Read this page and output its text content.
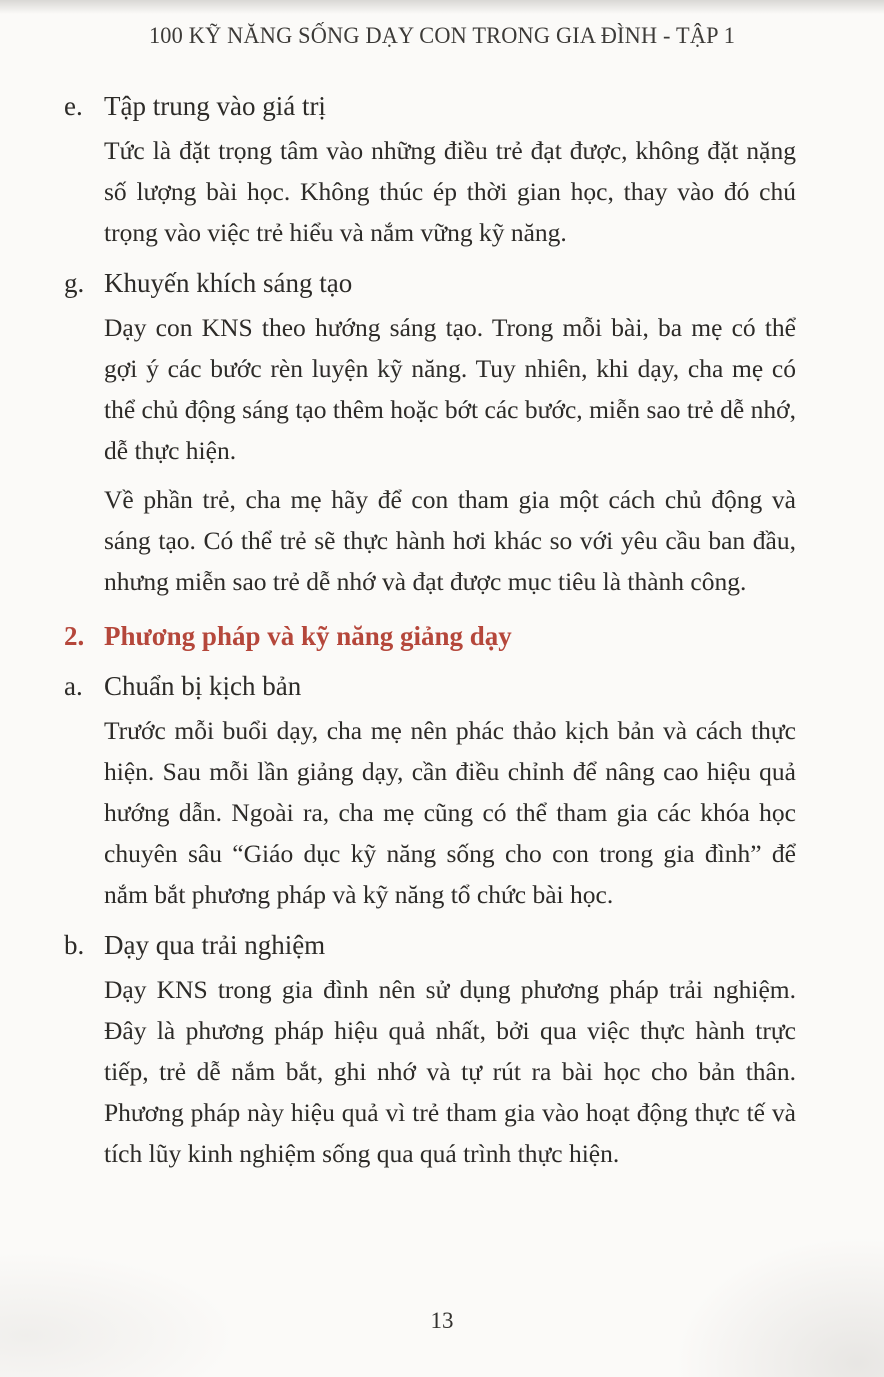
100 KỸ NĂNG SỐNG DẠY CON TRONG GIA ĐÌNH - TẬP 1
e. Tập trung vào giá trị

Tức là đặt trọng tâm vào những điều trẻ đạt được, không đặt nặng số lượng bài học. Không thúc ép thời gian học, thay vào đó chú trọng vào việc trẻ hiểu và nắm vững kỹ năng.

g. Khuyến khích sáng tạo

Dạy con KNS theo hướng sáng tạo. Trong mỗi bài, ba mẹ có thể gợi ý các bước rèn luyện kỹ năng. Tuy nhiên, khi dạy, cha mẹ có thể chủ động sáng tạo thêm hoặc bớt các bước, miễn sao trẻ dễ nhớ, dễ thực hiện.

Về phần trẻ, cha mẹ hãy để con tham gia một cách chủ động và sáng tạo. Có thể trẻ sẽ thực hành hơi khác so với yêu cầu ban đầu, nhưng miễn sao trẻ dễ nhớ và đạt được mục tiêu là thành công.

2. Phương pháp và kỹ năng giảng dạy
a. Chuẩn bị kịch bản

Trước mỗi buổi dạy, cha mẹ nên phác thảo kịch bản và cách thực hiện. Sau mỗi lần giảng dạy, cần điều chỉnh để nâng cao hiệu quả hướng dẫn. Ngoài ra, cha mẹ cũng có thể tham gia các khóa học chuyên sâu “Giáo dục kỹ năng sống cho con trong gia đình” để nắm bắt phương pháp và kỹ năng tổ chức bài học.

b. Dạy qua trải nghiệm

Dạy KNS trong gia đình nên sử dụng phương pháp trải nghiệm. Đây là phương pháp hiệu quả nhất, bởi qua việc thực hành trực tiếp, trẻ dễ nắm bắt, ghi nhớ và tự rút ra bài học cho bản thân. Phương pháp này hiệu quả vì trẻ tham gia vào hoạt động thực tế và tích lũy kinh nghiệm sống qua quá trình thực hiện.

13
